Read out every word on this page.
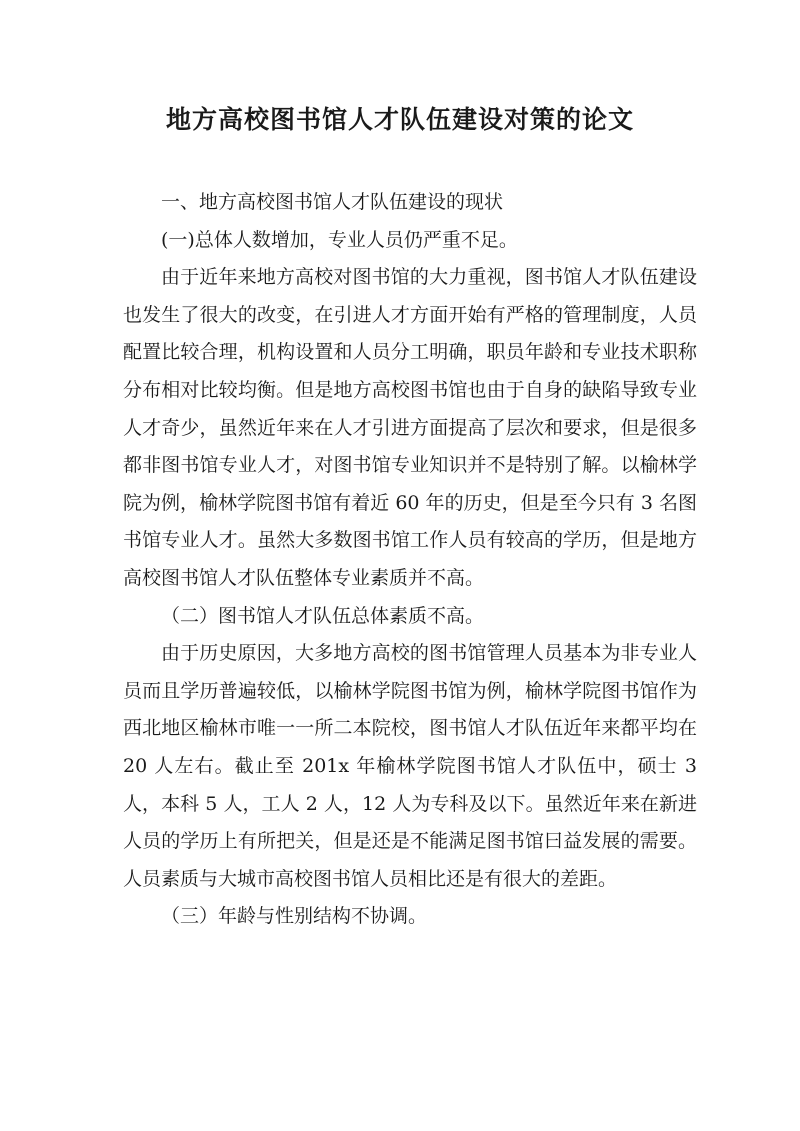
地方高校图书馆人才队伍建设对策的论文

一、地方高校图书馆人才队伍建设的现状

(一)总体人数增加，专业人员仍严重不足。

由于近年来地方高校对图书馆的大力重视，图书馆人才队伍建设也发生了很大的改变，在引进人才方面开始有严格的管理制度，人员配置比较合理，机构设置和人员分工明确，职员年龄和专业技术职称分布相对比较均衡。但是地方高校图书馆也由于自身的缺陷导致专业人才奇少，虽然近年来在人才引进方面提高了层次和要求，但是很多都非图书馆专业人才，对图书馆专业知识并不是特别了解。以榆林学院为例，榆林学院图书馆有着近 60 年的历史，但是至今只有 3 名图书馆专业人才。虽然大多数图书馆工作人员有较高的学历，但是地方高校图书馆人才队伍整体专业素质并不高。

（二）图书馆人才队伍总体素质不高。

由于历史原因，大多地方高校的图书馆管理人员基本为非专业人员而且学历普遍较低，以榆林学院图书馆为例，榆林学院图书馆作为西北地区榆林市唯一一所二本院校，图书馆人才队伍近年来都平均在 20 人左右。截止至 201x 年榆林学院图书馆人才队伍中，硕士 3 人，本科 5 人，工人 2 人，12 人为专科及以下。虽然近年来在新进人员的学历上有所把关，但是还是不能满足图书馆曰益发展的需要。人员素质与大城市高校图书馆人员相比还是有很大的差距。

（三）年龄与性别结构不协调。
